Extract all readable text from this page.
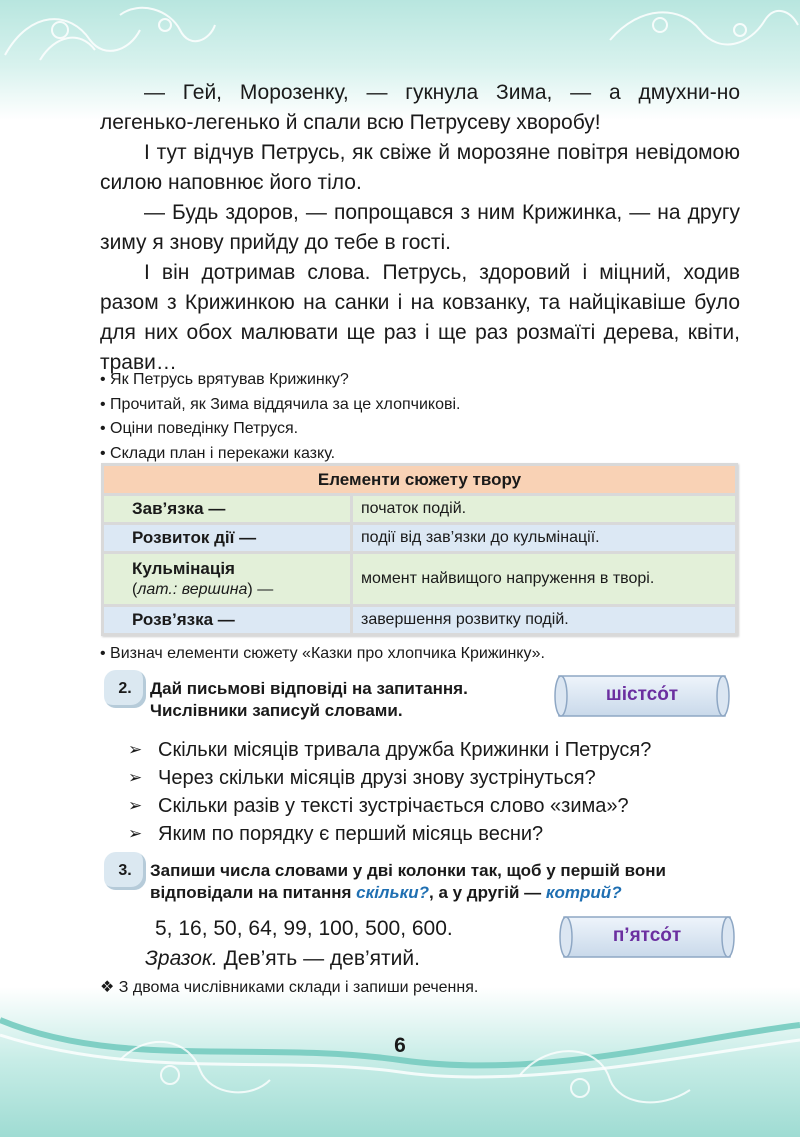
— Гей, Морозенку, — гукнула Зима, — а дмухни-но легенько-легенько й спали всю Петрусеву хворобу!

І тут відчув Петрусь, як свіже й морозяне повітря невідомою силою наповнює його тіло.

— Будь здоров, — попрощався з ним Крижинка, — на другу зиму я знову прийду до тебе в гості.

І він дотримав слова. Петрусь, здоровий і міцний, ходив разом з Крижинкою на санки і на ковзанку, та найцікавіше було для них обох малювати ще раз і ще раз розмаїті дерева, квіти, трави…

• Як Петрусь врятував Крижинку?
• Прочитай, як Зима віддячила за це хлопчикові.
• Оціни поведінку Петруся.
• Склади план і перекажи казку.
Елементи сюжету твору	
Зав’язка —	початок подій.
Розвиток дії —	події від зав’язки до кульмінації.

Кульмінація
(лат.: вершина) —	момент найвищого напруження в творі.
Розв’язка —	завершення розвитку подій.
• Визнач елементи сюжету «Казки про хлопчика Крижинку».
2.	Дай письмові відповіді на запитання.
Числівники записуй словами.
шістсо́т
➢ Скільки місяців тривала дружба Крижинки і Петруся?
➢ Через скільки місяців друзі знову зустрінуться?
➢ Скільки разів у тексті зустрічається слово «зима»?
➢ Яким по порядку є перший місяць весни?
3.	Запиши числа словами у дві колонки так, щоб у першій вони
відповідали на питання скільки?, а у другій — котрий?
5, 16, 50, 64, 99, 100, 500, 600.
Зразок. Дев’ять — дев’ятий.
п’ятсо́т
❖ З двома числівниками склади і запиши речення.
6
